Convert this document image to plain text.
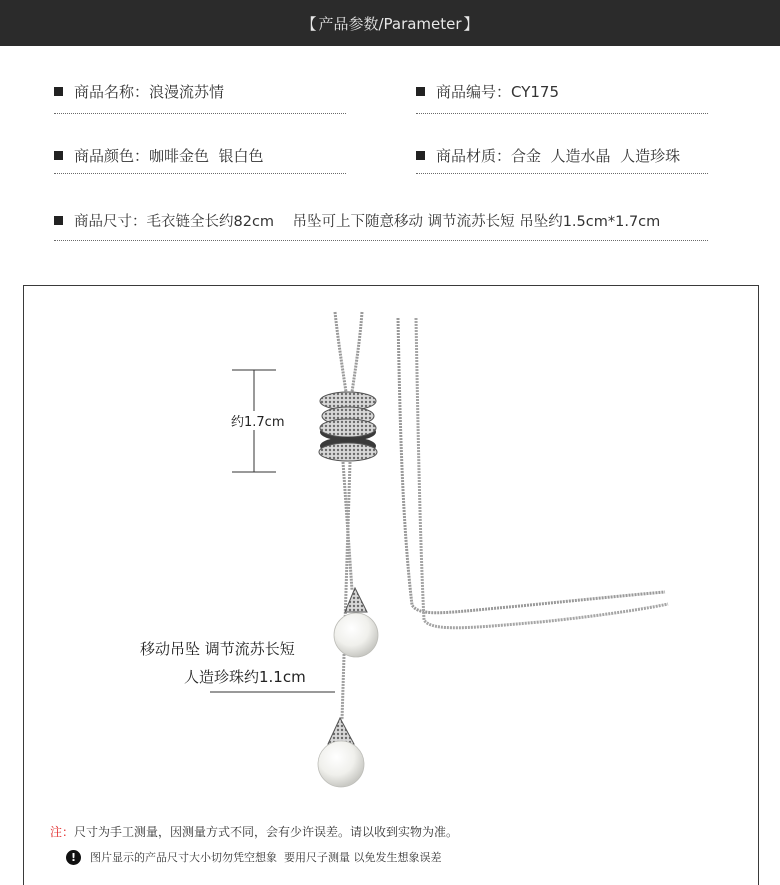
【 产品参数/Parameter 】
商品名称： 浪漫流苏情	商品编号： CY175
商品颜色： 咖啡金色  银白色	商品材质： 合金  人造水晶  人造珍珠
商品尺寸： 毛衣链全长约82cm    吊坠可上下随意移动 调节流苏长短 吊坠约1.5cm*1.7cm
约1.7cm
移动吊坠 调节流苏长短
人造珍珠约1.1cm
注：尺寸为手工测量，因测量方式不同，会有少许误差。请以收到实物为准。
!	图片显示的产品尺寸大小切勿凭空想象  要用尺子测量 以免发生想象误差
